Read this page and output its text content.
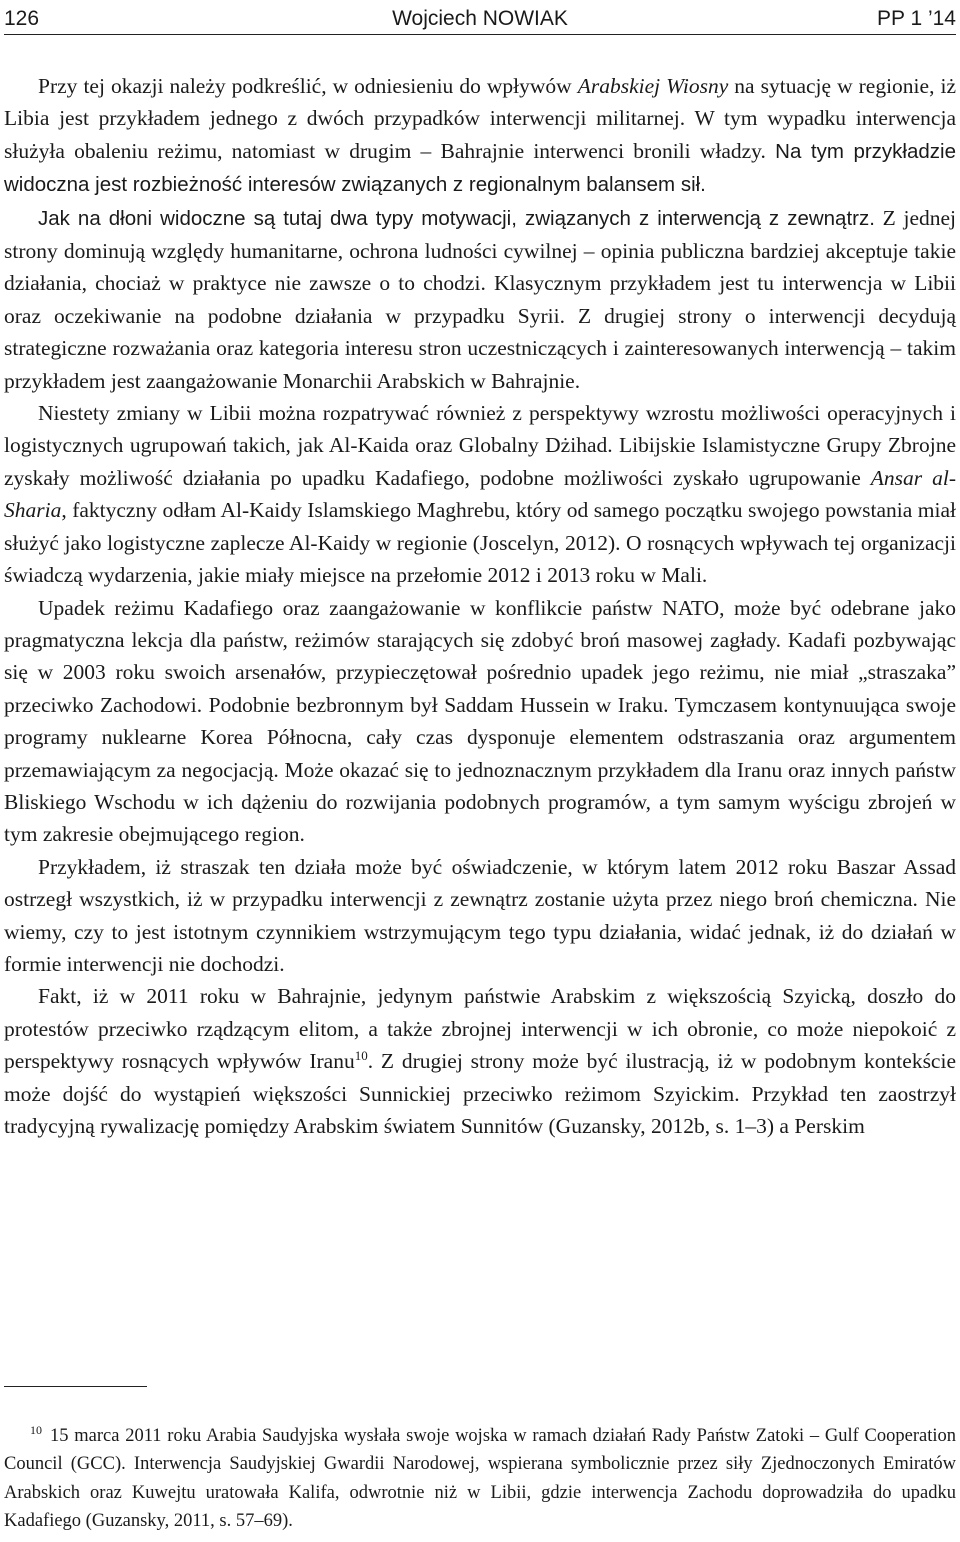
126	Wojciech NOWIAK	PP 1 ’14

Przy tej okazji należy podkreślić, w odniesieniu do wpływów Arabskiej Wiosny na sytuację w regionie, iż Libia jest przykładem jednego z dwóch przypadków interwencji militarnej. W tym wypadku interwencja służyła obaleniu reżimu, natomiast w drugim – Bahrajnie interwenci bronili władzy. Na tym przykładzie widoczna jest rozbieżność interesów związanych z regionalnym balansem sił.

Jak na dłoni widoczne są tutaj dwa typy motywacji, związanych z interwencją z zewnątrz. Z jednej strony dominują względy humanitarne, ochrona ludności cywilnej – opinia publiczna bardziej akceptuje takie działania, chociaż w praktyce nie zawsze o to chodzi. Klasycznym przykładem jest tu interwencja w Libii oraz oczekiwanie na podobne działania w przypadku Syrii. Z drugiej strony o interwencji decydują strategiczne rozważania oraz kategoria interesu stron uczestniczących i zainteresowanych interwencją – takim przykładem jest zaangażowanie Monarchii Arabskich w Bahrajnie.

Niestety zmiany w Libii można rozpatrywać również z perspektywy wzrostu możliwości operacyjnych i logistycznych ugrupowań takich, jak Al-Kaida oraz Globalny Dżihad. Libijskie Islamistyczne Grupy Zbrojne zyskały możliwość działania po upadku Kadafiego, podobne możliwości zyskało ugrupowanie Ansar al-Sharia, faktyczny odłam Al-Kaidy Islamskiego Maghrebu, który od samego początku swojego powstania miał służyć jako logistyczne zaplecze Al-Kaidy w regionie (Joscelyn, 2012). O rosnących wpływach tej organizacji świadczą wydarzenia, jakie miały miejsce na przełomie 2012 i 2013 roku w Mali.

Upadek reżimu Kadafiego oraz zaangażowanie w konflikcie państw NATO, może być odebrane jako pragmatyczna lekcja dla państw, reżimów starających się zdobyć broń masowej zagłady. Kadafi pozbywając się w 2003 roku swoich arsenałów, przypieczętował pośrednio upadek jego reżimu, nie miał „straszaka” przeciwko Zachodowi. Podobnie bezbronnym był Saddam Hussein w Iraku. Tymczasem kontynuująca swoje programy nuklearne Korea Północna, cały czas dysponuje elementem odstraszania oraz argumentem przemawiającym za negocjacją. Może okazać się to jednoznacznym przykładem dla Iranu oraz innych państw Bliskiego Wschodu w ich dążeniu do rozwijania podobnych programów, a tym samym wyścigu zbrojeń w tym zakresie obejmującego region.

Przykładem, iż straszak ten działa może być oświadczenie, w którym latem 2012 roku Baszar Assad ostrzegł wszystkich, iż w przypadku interwencji z zewnątrz zostanie użyta przez niego broń chemiczna. Nie wiemy, czy to jest istotnym czynnikiem wstrzymującym tego typu działania, widać jednak, iż do działań w formie interwencji nie dochodzi.

Fakt, iż w 2011 roku w Bahrajnie, jedynym państwie Arabskim z większością Szyicką, doszło do protestów przeciwko rządzącym elitom, a także zbrojnej interwencji w ich obronie, co może niepokoić z perspektywy rosnących wpływów Iranu$^{10}$. Z drugiej strony może być ilustracją, iż w podobnym kontekście może dojść do wystąpień większości Sunnickiej przeciwko reżimom Szyickim. Przykład ten zaostrzył tradycyjną rywalizację pomiędzy Arabskim światem Sunnitów (Guzansky, 2012b, s. 1–3) a Perskim

$^{10}$ 15 marca 2011 roku Arabia Saudyjska wysłała swoje wojska w ramach działań Rady Państw Zatoki – Gulf Cooperation Council (GCC). Interwencja Saudyjskiej Gwardii Narodowej, wspierana symbolicznie przez siły Zjednoczonych Emiratów Arabskich oraz Kuwejtu uratowała Kalifa, odwrotnie niż w Libii, gdzie interwencja Zachodu doprowadziła do upadku Kadafiego (Guzansky, 2011, s. 57–69).
